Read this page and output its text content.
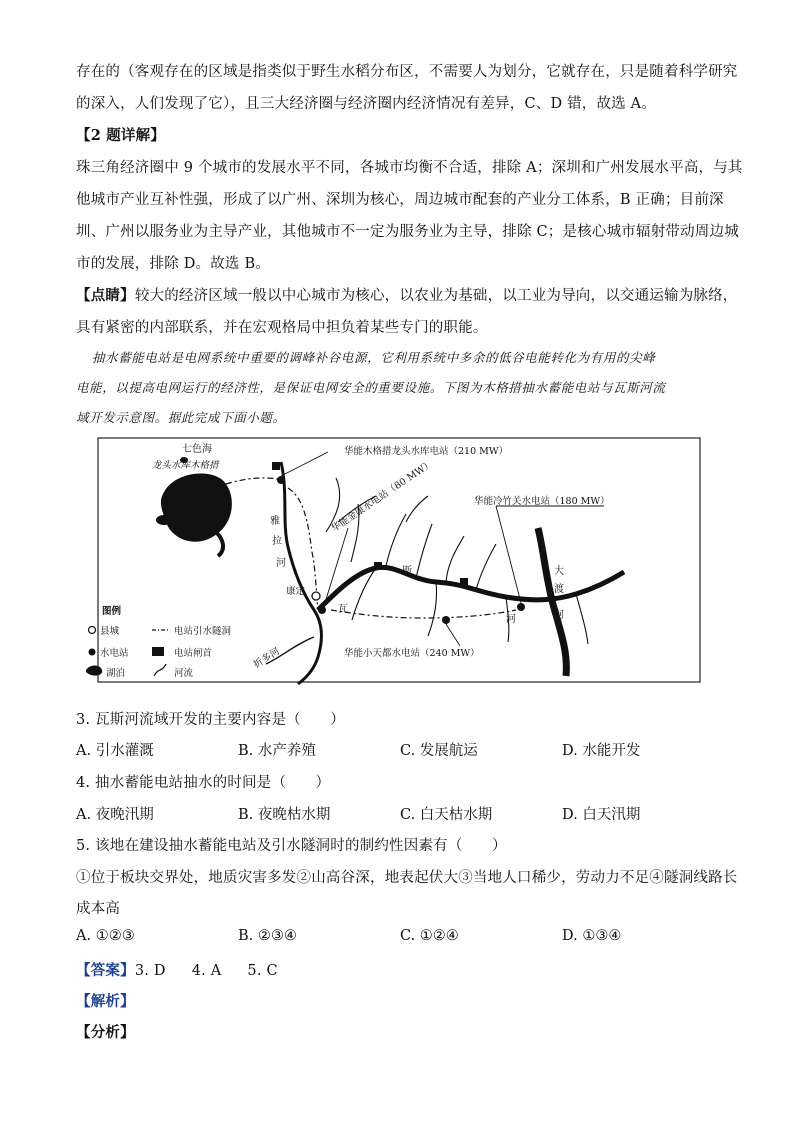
存在的（客观存在的区域是指类似于野生水稻分布区，不需要人为划分，它就存在，只是随着科学研究
的深入，人们发现了它），且三大经济圈与经济圈内经济情况有差异，C、D 错，故选 A。
【2 题详解】
珠三角经济圈中 9 个城市的发展水平不同，各城市均衡不合适，排除 A；深圳和广州发展水平高，与其
他城市产业互补性强，形成了以广州、深圳为核心，周边城市配套的产业分工体系，B 正确；目前深
圳、广州以服务业为主导产业，其他城市不一定为服务业为主导，排除 C；是核心城市辐射带动周边城
市的发展，排除 D。故选 B。
【点睛】较大的经济区域一般以中心城市为核心，以农业为基础，以工业为导向，以交通运输为脉络，
具有紧密的内部联系，并在宏观格局中担负着某些专门的职能。
抽水蓄能电站是电网系统中重要的调峰补谷电源，它利用系统中多余的低谷电能转化为有用的尖峰
电能，以提高电网运行的经济性，是保证电网安全的重要设施。下图为木格措抽水蓄能电站与瓦斯河流
域开发示意图。据此完成下面小题。
七色海
龙头水库木格措
华能木格措龙头水库电站（210 MW）
华能金康水电站（80 MW）	华能冷竹关水电站（180 MW）
华能小天都水电站（240 MW）
雅
拉
河
康定
瓦
斯
河
大
渡
河
折多河
图例
县城	电站引水隧洞
水电站	电站闸首
湖泊	河流
3. 瓦斯河流域开发的主要内容是（　　）
A. 引水灌溉	B. 水产养殖	C. 发展航运	D. 水能开发
4. 抽水蓄能电站抽水的时间是（　　）
A. 夜晚汛期	B. 夜晚枯水期	C. 白天枯水期	D. 白天汛期
5. 该地在建设抽水蓄能电站及引水隧洞时的制约性因素有（　　）
①位于板块交界处，地质灾害多发②山高谷深，地表起伏大③当地人口稀少，劳动力不足④隧洞线路长
成本高
A. ①②③	B. ②③④	C. ①②④	D. ①③④
【答案】3. D 4. A 5. C
【解析】
【分析】
